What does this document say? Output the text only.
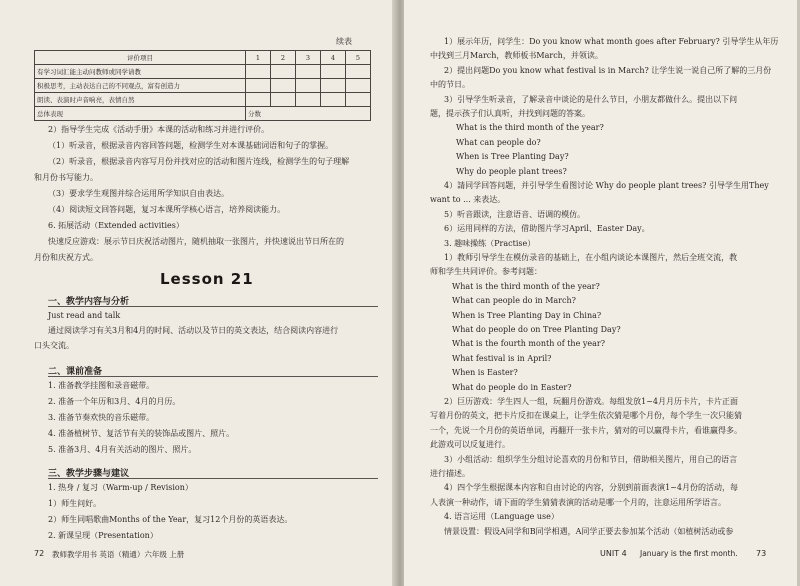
续表
评价项目	1	2	3	4	5
有学习词汇能主动问教师或同学请教					
积极思考，主动表达自己的不同观点，富有创造力					
朗读、表演时声音响亮，表情自然					
总体表现	分数				
2）指导学生完成《活动手册》本课的活动和练习并进行评价。
（1）听录音，根据录音内容回答问题，检测学生对本课基础词语和句子的掌握。
（2）听录音，根据录音内容写月份并找对应的活动和图片连线，检测学生的句子理解
和月份书写能力。
（3）要求学生观图并综合运用所学知识自由表达。
（4）阅读短文回答问题，复习本课所学核心语言，培养阅读能力。
6. 拓展活动（Extended activities）
快速反应游戏：展示节日庆祝活动图片，随机抽取一张图片，并快速说出节日所在的
月份和庆祝方式。
Lesson 21
一、教学内容与分析
Just read and talk
通过阅读学习有关3月和4月的时间、活动以及节日的英文表达，结合阅读内容进行
口头交流。
二、课前准备
1. 准备教学挂图和录音磁带。
2. 准备一个年历和3月、4月的月历。
3. 准备节奏欢快的音乐磁带。
4. 准备植树节、复活节有关的装饰品或图片、照片。
5. 准备3月、4月有关活动的图片、照片。
三、教学步骤与建议
1. 热身 / 复习（Warm-up / Revision）
1）师生问好。
2）师生同唱歌曲Months of the Year，复习12个月份的英语表达。
2. 新课呈现（Presentation）
72 教师教学用书 英语（精通）六年级 上册
1）展示年历，问学生：Do you know what month goes after February? 引导学生从年历
中找到三月March，教师板书March，并领读。
2）提出问题Do you know what festival is in March? 让学生说一说自己所了解的三月份
中的节日。
3）引导学生听录音，了解录音中谈论的是什么节日，小朋友都做什么。提出以下问
题，提示孩子们认真听，并找到问题的答案。
What is the third month of the year?
What can people do?
When is Tree Planting Day?
Why do people plant trees?
4）請同学回答问题，并引导学生看图讨论 Why do people plant trees? 引导学生用They
want to ... 来表达。
5）听音跟读，注意语音、语调的模仿。
6）运用同样的方法，借助图片学习April、Easter Day。
3. 趣味操练（Practise）
1）教师引导学生在模仿录音的基础上，在小组内谈论本课图片，然后全班交流，教
师和学生共同评价。参考问题：
What is the third month of the year?
What can people do in March?
When is Tree Planting Day in China?
What do people do on Tree Planting Day?
What is the fourth month of the year?
What festival is in April?
When is Easter?
What do people do in Easter?
2）巨历游戏：学生四人一组，玩翻月份游戏。每组发放1~4月月历卡片，卡片正面
写着月份的英文，把卡片反扣在课桌上，让学生依次猜是哪个月份，每个学生一次只能猜
一个，先说一个月份的英语单词，再翻开一张卡片，猜对的可以赢得卡片，看谁赢得多。
此游戏可以反复进行。
3）小组活动：组织学生分组讨论喜欢的月份和节日，借助相关图片，用自己的语言
进行描述。
4）四个学生根据课本内容和自由讨论的内容，分别到前面表演1~4月份的活动，每
人表演一种动作，请下面的学生猜猜表演的活动是哪一个月的，注意运用所学语言。
4. 语言运用（Language use）
情景设置：假设A同学和B同学相遇，A同学正要去参加某个活动（如植树活动或参
UNIT 4 January is the first month. 73
